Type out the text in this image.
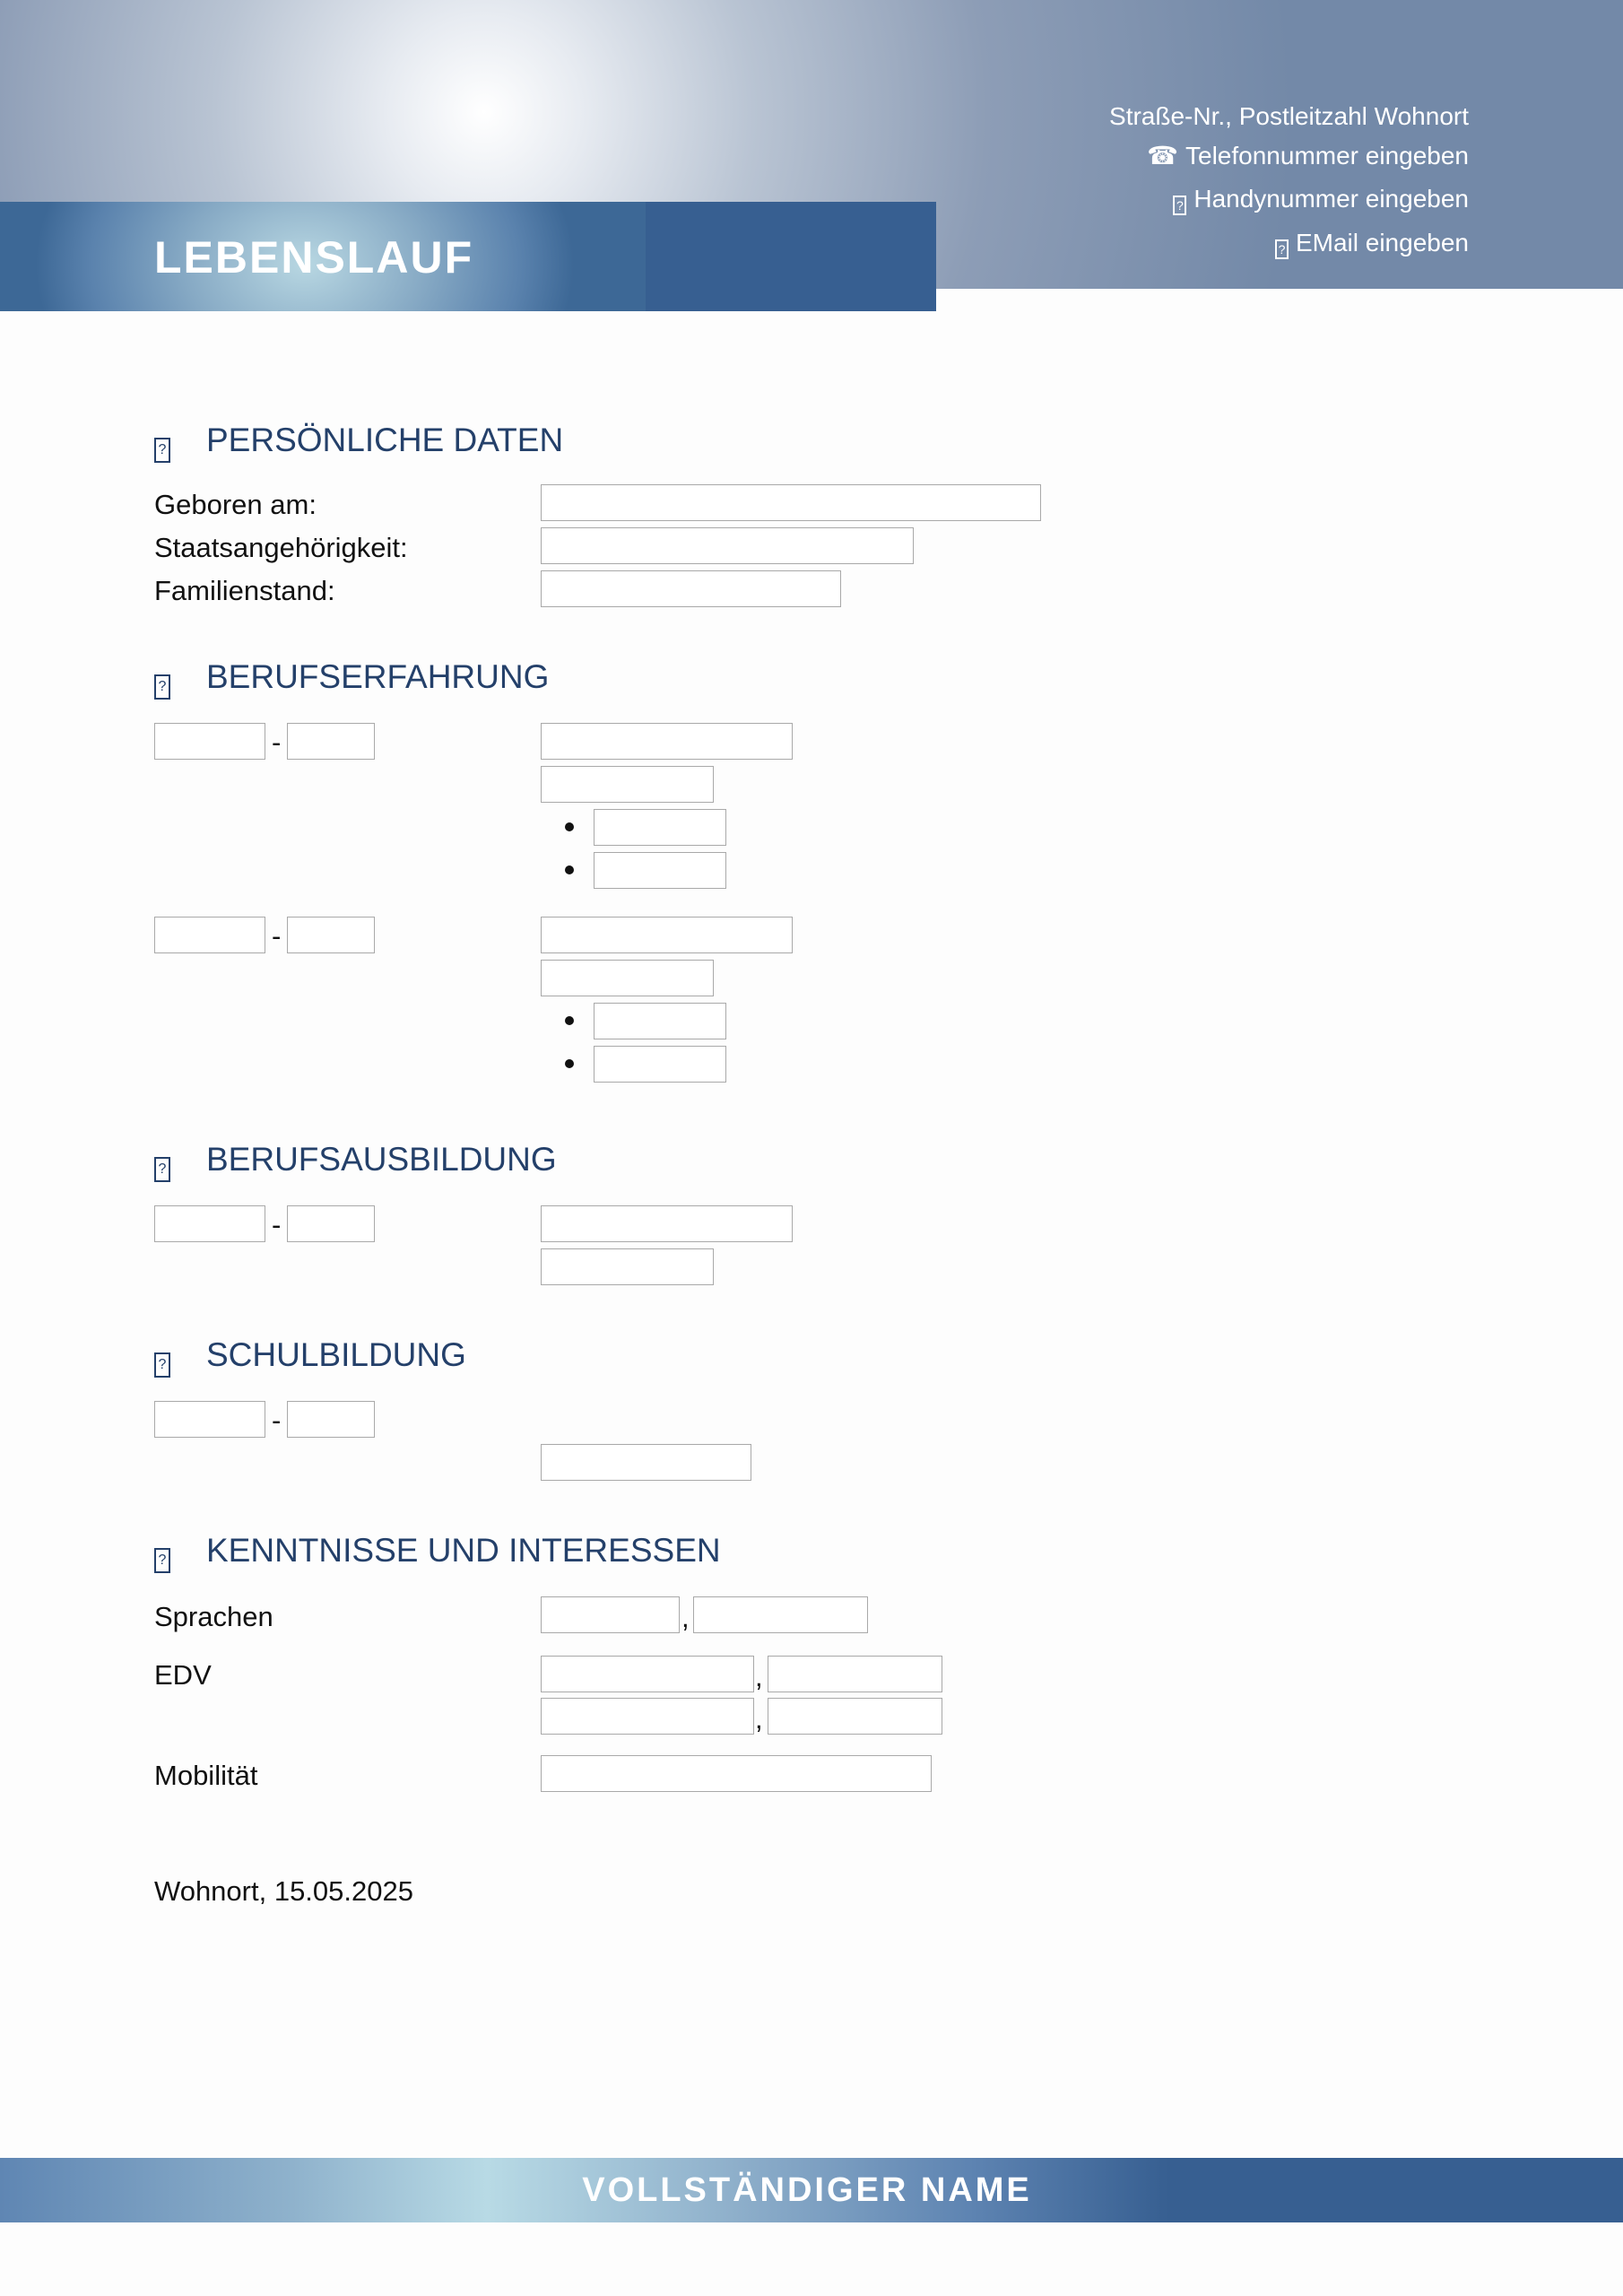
LEBENSLAUF
Straße-Nr., Postleitzahl Wohnort
☎ Telefonnummer eingeben
? Handynummer eingeben
? EMail eingeben
? PERSÖNLICHE DATEN
Geboren am:
Staatsangehörigkeit:
Familienstand:
? BERUFSERFAHRUNG
-
-
? BERUFSAUSBILDUNG
-
? SCHULBILDUNG
-
? KENNTNISSE UND INTERESSEN
Sprachen	,
EDV	,
,
Mobilität
Wohnort, 15.05.2025
VOLLSTÄNDIGER NAME
